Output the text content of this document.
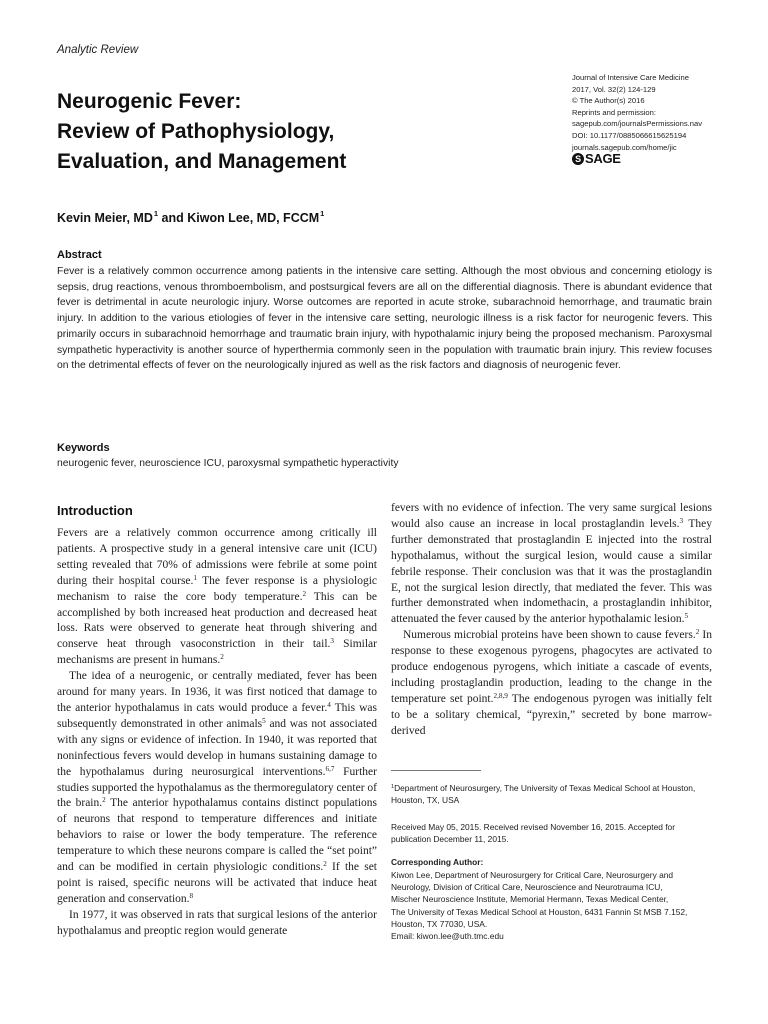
Analytic Review
Neurogenic Fever:
Review of Pathophysiology,
Evaluation, and Management
Journal of Intensive Care Medicine
2017, Vol. 32(2) 124-129
© The Author(s) 2016
Reprints and permission:
sagepub.com/journalsPermissions.nav
DOI: 10.1177/0885066615625194
journals.sagepub.com/home/jic
S SAGE
Kevin Meier, $MD^1$ and Kiwon Lee, MD, FCCM$^1$
Abstract
Fever is a relatively common occurrence among patients in the intensive care setting. Although the most obvious and concerning etiology is sepsis, drug reactions, venous thromboembolism, and postsurgical fevers are all on the differential diagnosis. There is abundant evidence that fever is detrimental in acute neurologic injury. Worse outcomes are reported in acute stroke, subarachnoid hemorrhage, and traumatic brain injury. In addition to the various etiologies of fever in the intensive care setting, neurologic illness is a risk factor for neurogenic fevers. This primarily occurs in subarachnoid hemorrhage and traumatic brain injury, with hypothalamic injury being the proposed mechanism. Paroxysmal sympathetic hyperactivity is another source of hyperthermia commonly seen in the population with traumatic brain injury. This review focuses on the detrimental effects of fever on the neurologically injured as well as the risk factors and diagnosis of neurogenic fever.
Keywords
neurogenic fever, neuroscience ICU, paroxysmal sympathetic hyperactivity
Introduction

Fevers are a relatively common occurrence among critically ill patients. A prospective study in a general intensive care unit (ICU) setting revealed that 70% of admissions were febrile at some point during their hospital course.$^1$ The fever response is a physiologic mechanism to raise the core body temperature.$^2$ This can be accomplished by both increased heat production and decreased heat loss. Rats were observed to generate heat through shivering and conserve heat through vasoconstriction in their tail.$^3$ Similar mechanisms are present in humans.$^2$

The idea of a neurogenic, or centrally mediated, fever has been around for many years. In 1936, it was first noticed that damage to the anterior hypothalamus in cats would produce a fever.$^4$ This was subsequently demonstrated in other animals$^5$ and was not associated with any signs or evidence of infection. In 1940, it was reported that noninfectious fevers would develop in humans sustaining damage to the hypothalamus during neurosurgical interventions.$^{6,7}$ Further studies supported the hypothalamus as the thermoregulatory center of the brain.$^2$ The anterior hypothalamus contains distinct populations of neurons that respond to temperature differences and initiate behaviors to raise or lower the body temperature. The reference temperature to which these neurons compare is called the “set point” and can be modified in certain physiologic conditions.$^2$ If the set point is raised, specific neurons will be activated that induce heat generation and conservation.$^8$

In 1977, it was observed in rats that surgical lesions of the anterior hypothalamus and preoptic region would generate

fevers with no evidence of infection. The very same surgical lesions would also cause an increase in local prostaglandin levels.$^3$ They further demonstrated that prostaglandin E injected into the rostral hypothalamus, without the surgical lesion, would cause a similar febrile response. Their conclusion was that it was the prostaglandin E, not the surgical lesion directly, that mediated the fever. This was further demonstrated when indomethacin, a prostaglandin inhibitor, attenuated the fever caused by the anterior hypothalamic lesion.$^5$

Numerous microbial proteins have been shown to cause fevers.$^2$ In response to these exogenous pyrogens, phagocytes are activated to produce endogenous pyrogens, which initiate a cascade of events, including prostaglandin production, leading to the change in the temperature set point.$^{2,8,9}$ The endogenous pyrogen was initially felt to be a solitary chemical, “pyrexin,” secreted by bone marrow-derived

$^1$Department of Neurosurgery, The University of Texas Medical School at Houston, Houston, TX, USA
Received May 05, 2015. Received revised November 16, 2015. Accepted for publication December 11, 2015.
Corresponding Author:
Kiwon Lee, Department of Neurosurgery for Critical Care, Neurosurgery and
Neurology, Division of Critical Care, Neuroscience and Neurotrauma ICU,
Mischer Neuroscience Institute, Memorial Hermann, Texas Medical Center,
The University of Texas Medical School at Houston, 6431 Fannin St MSB 7.152,
Houston, TX 77030, USA.
Email: kiwon.lee@uth.tmc.edu
